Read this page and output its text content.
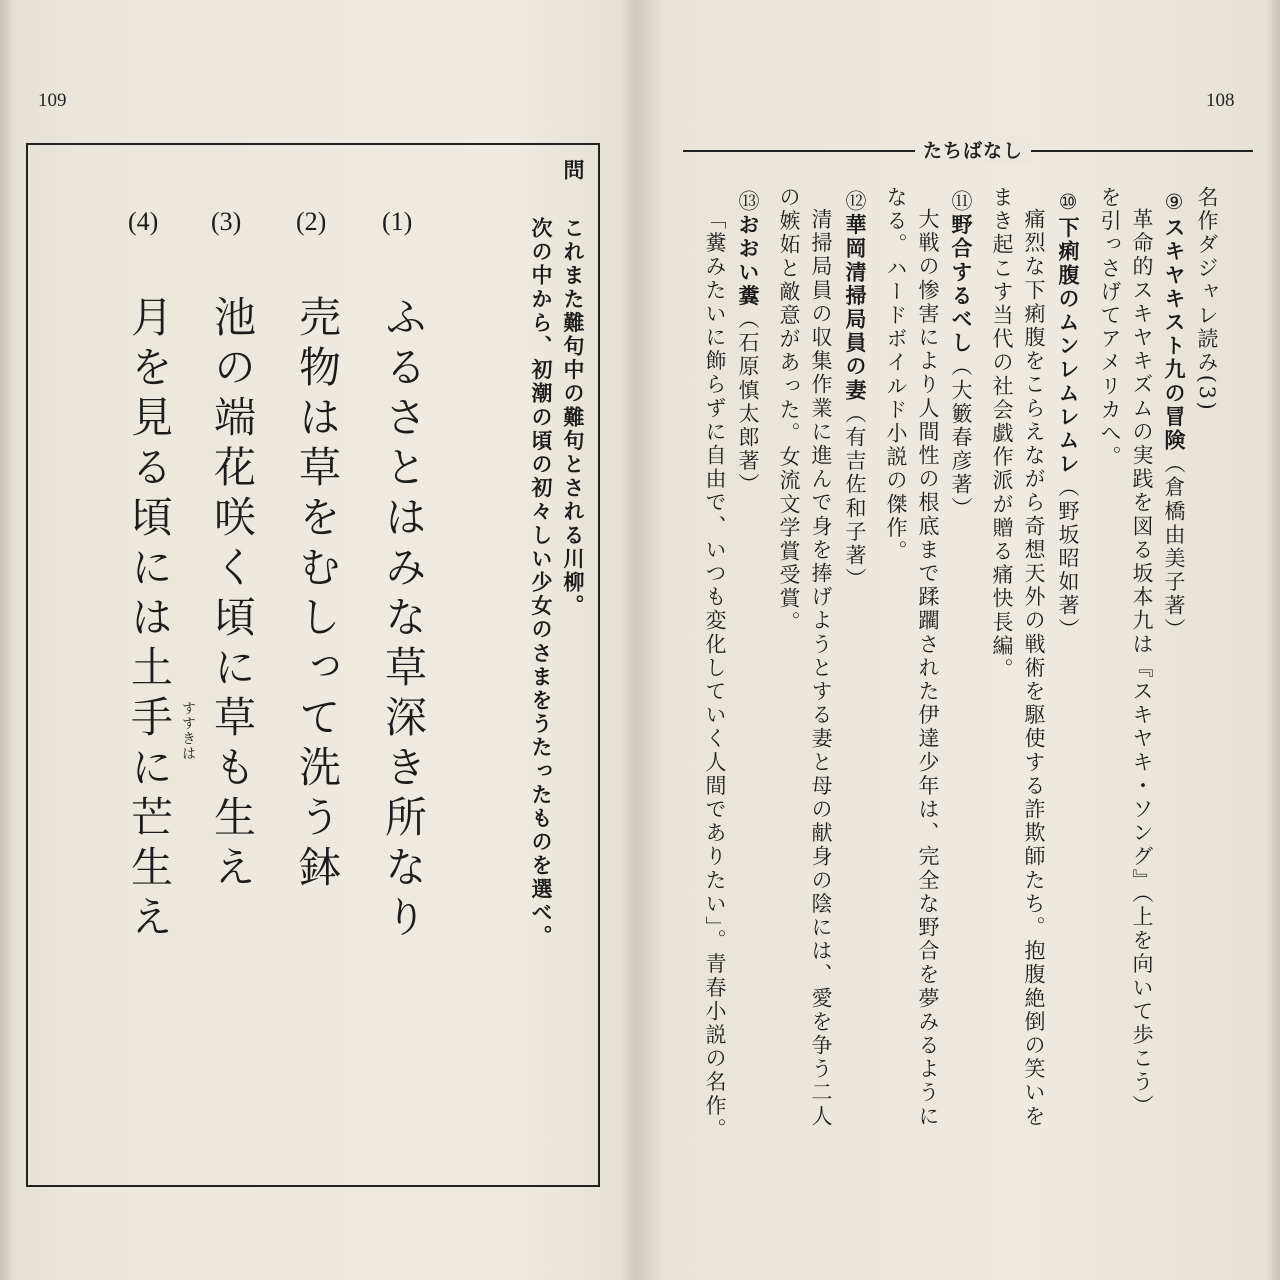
109	108
たちばなし
名作ダジャレ読み(3)
⑨スキヤキスト九の冒険（倉橋由美子著）
革命的スキヤキズムの実践を図る坂本九は『スキヤキ・ソング』（上を向いて歩こう）
を引っさげてアメリカへ。
⑩下痢腹のムンレムレムレ（野坂昭如著）
痛烈な下痢腹をこらえながら奇想天外の戦術を駆使する詐欺師たち。抱腹絶倒の笑いを
まき起こす当代の社会戯作派が贈る痛快長編。
⑪野合するべし（大籔春彦著）
大戦の惨害により人間性の根底まで蹂躙された伊達少年は、完全な野合を夢みるように
なる。ハードボイルド小説の傑作。
⑫華岡清掃局員の妻（有吉佐和子著）
清掃局員の収集作業に進んで身を捧げようとする妻と母の献身の陰には、愛を争う二人
の嫉妬と敵意があった。女流文学賞受賞。
⑬おおい糞（石原慎太郎著）
「糞みたいに飾らずに自由で、いつも変化していく人間でありたい」。青春小説の名作。
問
これまた難句中の難句とされる川柳。
次の中から、初潮の頃の初々しい少女のさまをうたったものを選べ。
(1)
ふるさとはみな草深き所なり
(2)
売物は草をむしって洗う鉢
(3)
池の端花咲く頃に草も生え
(4)
月を見る頃には土手に芒生え すすきは
